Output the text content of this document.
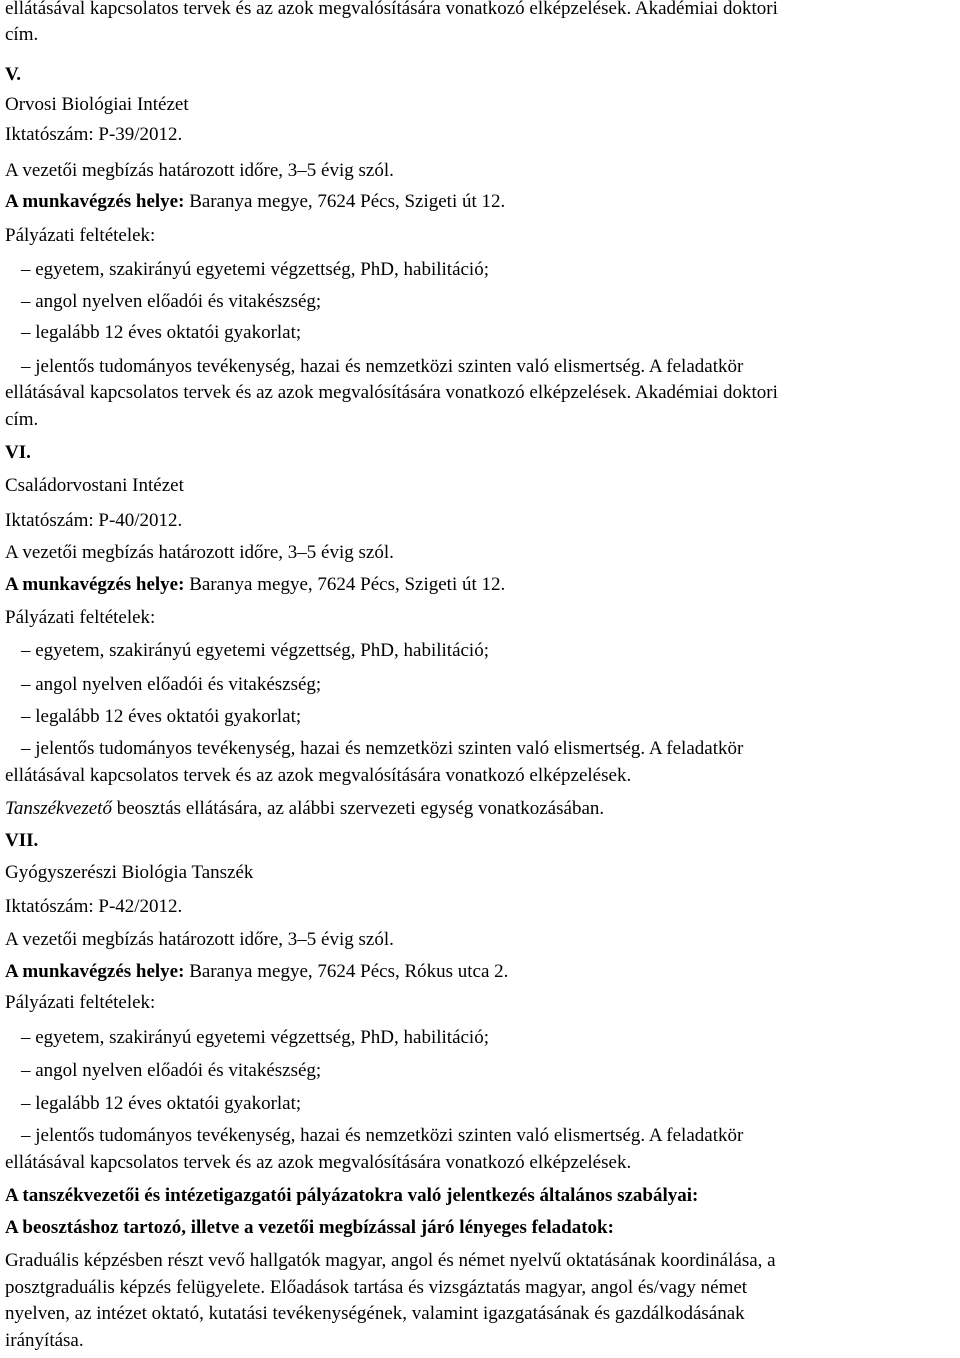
ellátásával kapcsolatos tervek és az azok megvalósítására vonatkozó elképzelések. Akadémiai doktori
cím.
V.
Orvosi Biológiai Intézet
Iktatószám: P-39/2012.
A vezetői megbízás határozott időre, 3–5 évig szól.
A munkavégzés helye: Baranya megye, 7624 Pécs, Szigeti út 12.
Pályázati feltételek:
– egyetem, szakirányú egyetemi végzettség, PhD, habilitáció;
– angol nyelven előadói és vitakészség;
– legalább 12 éves oktatói gyakorlat;
– jelentős tudományos tevékenység, hazai és nemzetközi szinten való elismertség. A feladatkör
ellátásával kapcsolatos tervek és az azok megvalósítására vonatkozó elképzelések. Akadémiai doktori
cím.
VI.
Családorvostani Intézet
Iktatószám: P-40/2012.
A vezetői megbízás határozott időre, 3–5 évig szól.
A munkavégzés helye: Baranya megye, 7624 Pécs, Szigeti út 12.
Pályázati feltételek:
– egyetem, szakirányú egyetemi végzettség, PhD, habilitáció;
– angol nyelven előadói és vitakészség;
– legalább 12 éves oktatói gyakorlat;
– jelentős tudományos tevékenység, hazai és nemzetközi szinten való elismertség. A feladatkör
ellátásával kapcsolatos tervek és az azok megvalósítására vonatkozó elképzelések.
Tanszékvezető beosztás ellátására, az alábbi szervezeti egység vonatkozásában.
VII.
Gyógyszerészi Biológia Tanszék
Iktatószám: P-42/2012.
A vezetői megbízás határozott időre, 3–5 évig szól.
A munkavégzés helye: Baranya megye, 7624 Pécs, Rókus utca 2.
Pályázati feltételek:
– egyetem, szakirányú egyetemi végzettség, PhD, habilitáció;
– angol nyelven előadói és vitakészség;
– legalább 12 éves oktatói gyakorlat;
– jelentős tudományos tevékenység, hazai és nemzetközi szinten való elismertség. A feladatkör
ellátásával kapcsolatos tervek és az azok megvalósítására vonatkozó elképzelések.
A tanszékvezetői és intézetigazgatói pályázatokra való jelentkezés általános szabályai:
A beosztáshoz tartozó, illetve a vezetői megbízással járó lényeges feladatok:
Graduális képzésben részt vevő hallgatók magyar, angol és német nyelvű oktatásának koordinálása, a
posztgraduális képzés felügyelete. Előadások tartása és vizsgáztatás magyar, angol és/vagy német
nyelven, az intézet oktató, kutatási tevékenységének, valamint igazgatásának és gazdálkodásának
irányítása.
